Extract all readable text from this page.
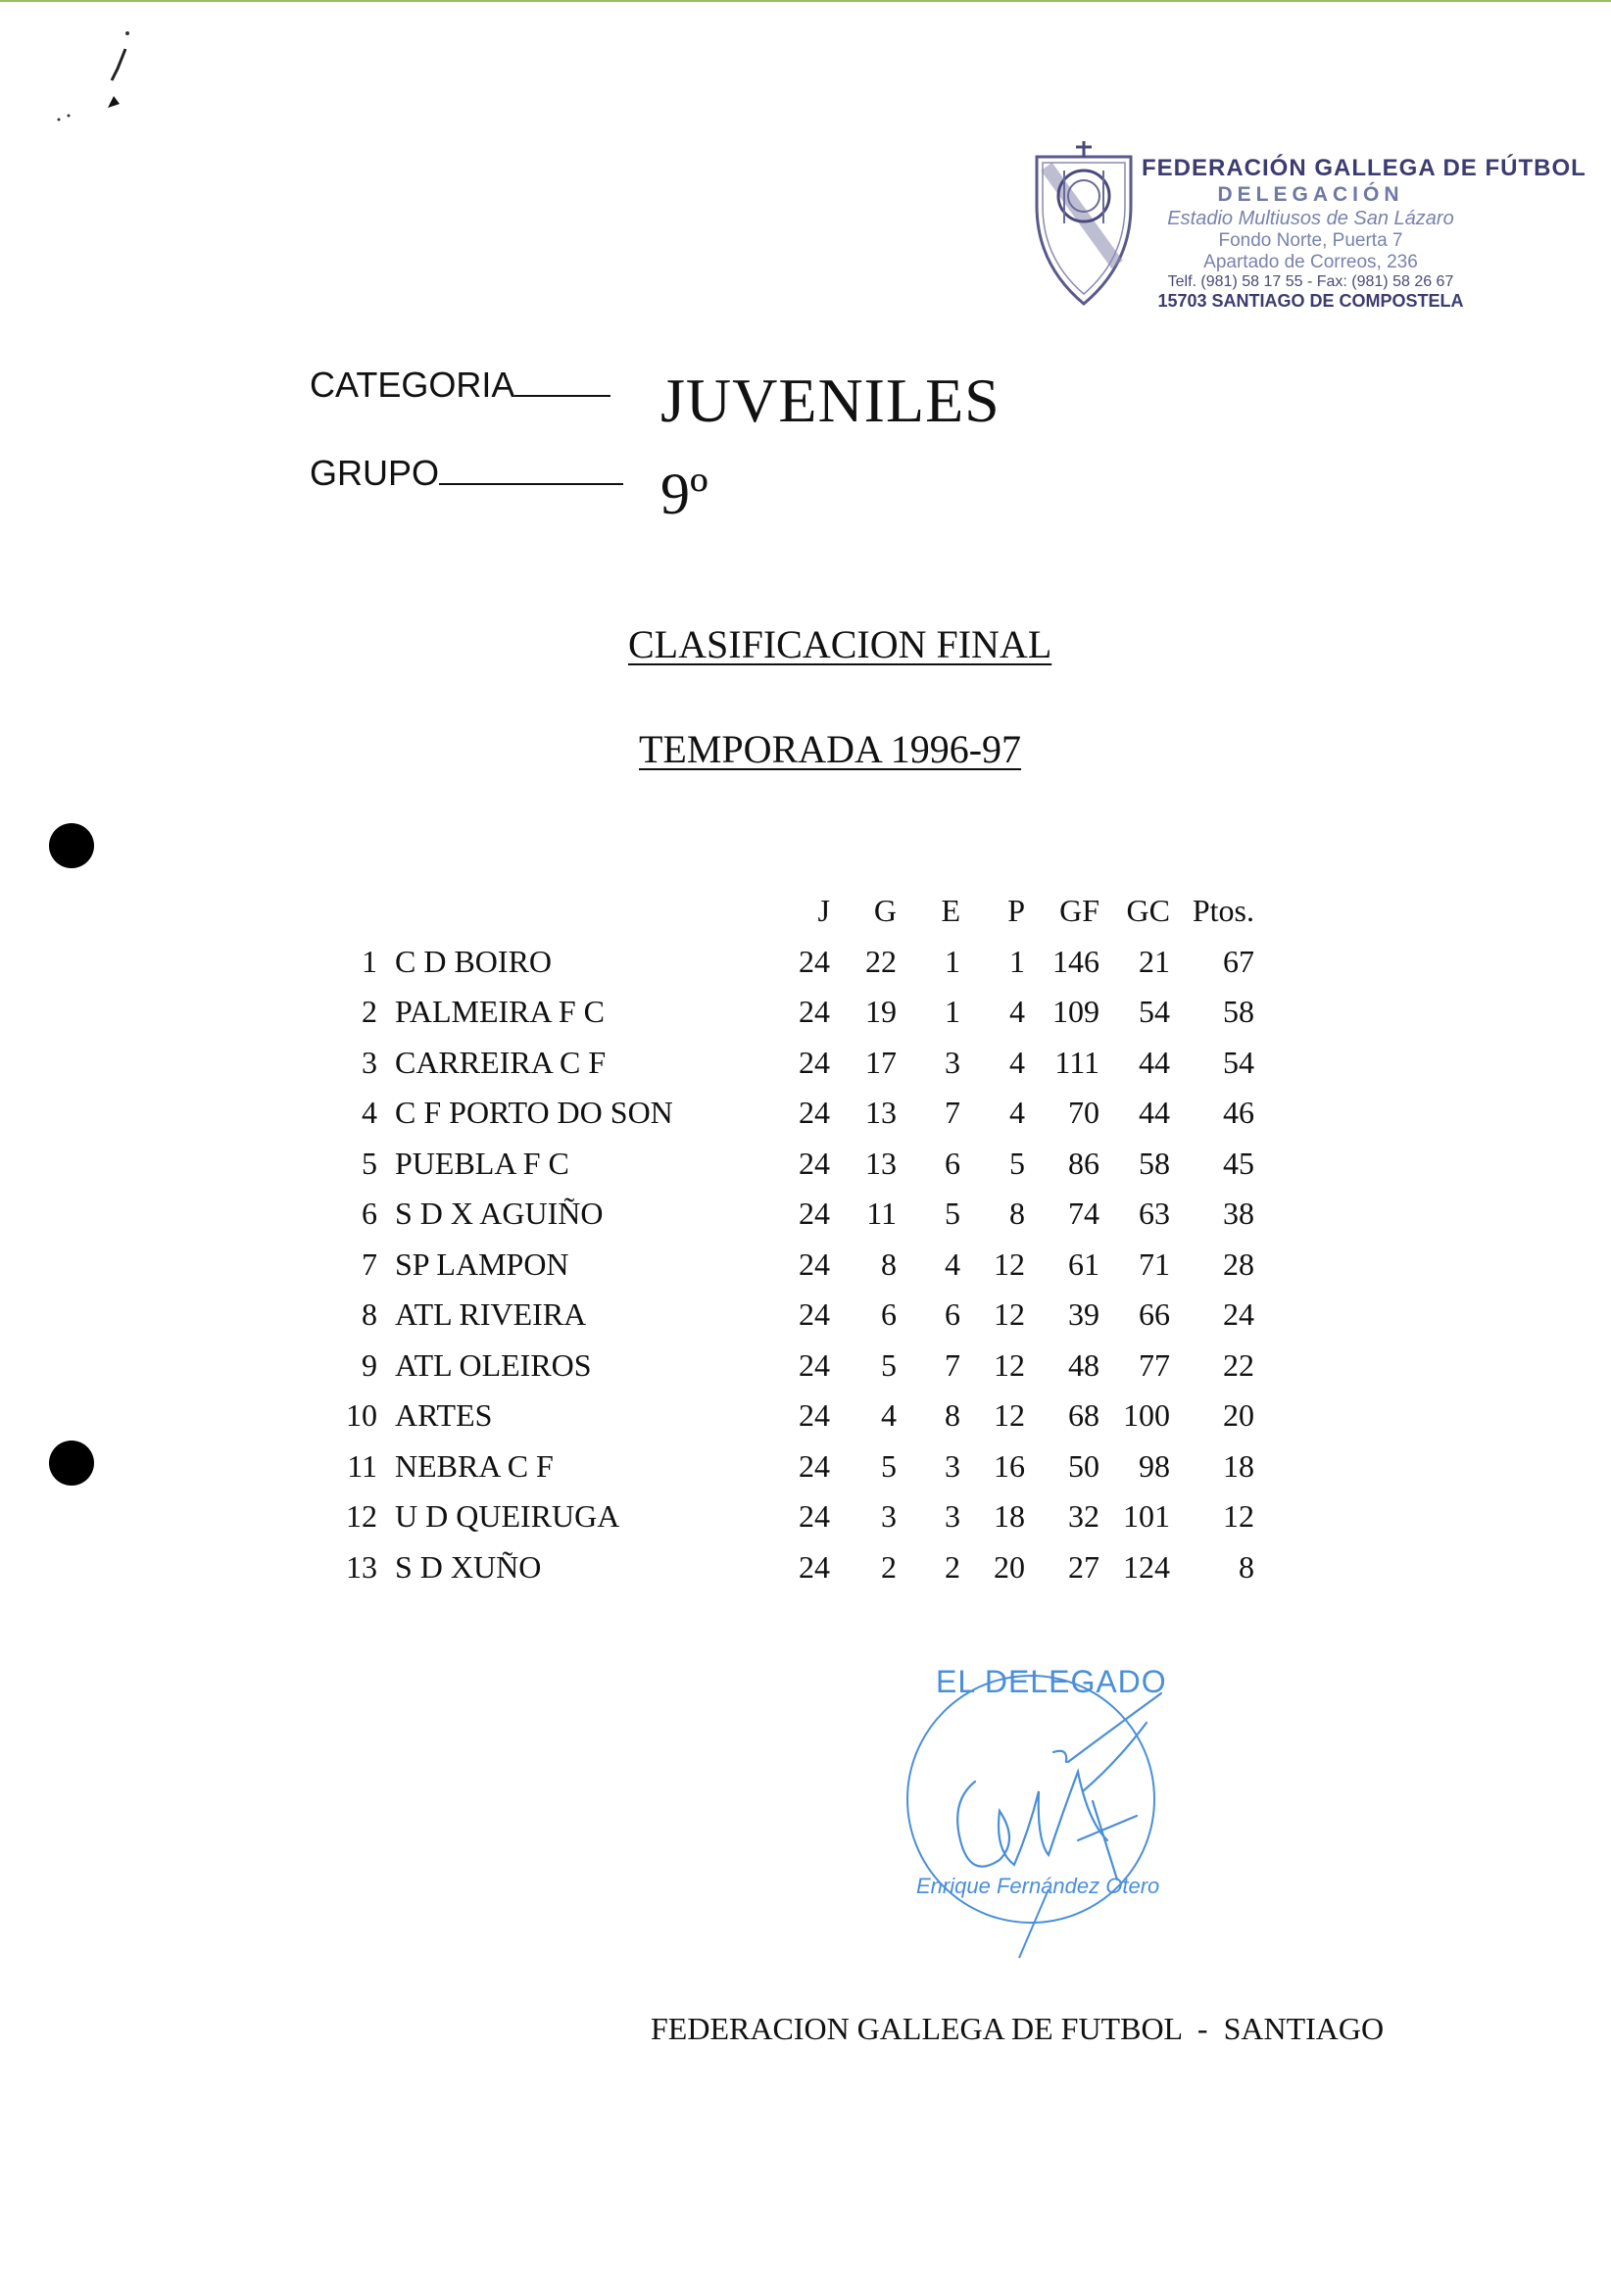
FEDERACIÓN GALLEGA DE FÚTBOL
DELEGACIÓN
Estadio Multiusos de San Lázaro
Fondo Norte, Puerta 7
Apartado de Correos, 236
Telf. (981) 58 17 55 - Fax: (981) 58 26 67
15703 SANTIAGO DE COMPOSTELA
CATEGORIA	JUVENILES
GRUPO	9º
CLASIFICACION FINAL
TEMPORADA 1996-97
		J	G	E	P	GF	GC	Ptos.
1	C D BOIRO	24	22	1	1	146	21	67
2	PALMEIRA F C	24	19	1	4	109	54	58
3	CARREIRA C F	24	17	3	4	111	44	54
4	C F PORTO DO SON	24	13	7	4	70	44	46
5	PUEBLA F C	24	13	6	5	86	58	45
6	S D X AGUIÑO	24	11	5	8	74	63	38
7	SP LAMPON	24	8	4	12	61	71	28
8	ATL RIVEIRA	24	6	6	12	39	66	24
9	ATL OLEIROS	24	5	7	12	48	77	22
10	ARTES	24	4	8	12	68	100	20
11	NEBRA C F	24	5	3	16	50	98	18
12	U D QUEIRUGA	24	3	3	18	32	101	12
13	S D XUÑO	24	2	2	20	27	124	8
EL DELEGADO
Enrique Fernández Otero
FEDERACION GALLEGA DE FUTBOL  -  SANTIAGO
